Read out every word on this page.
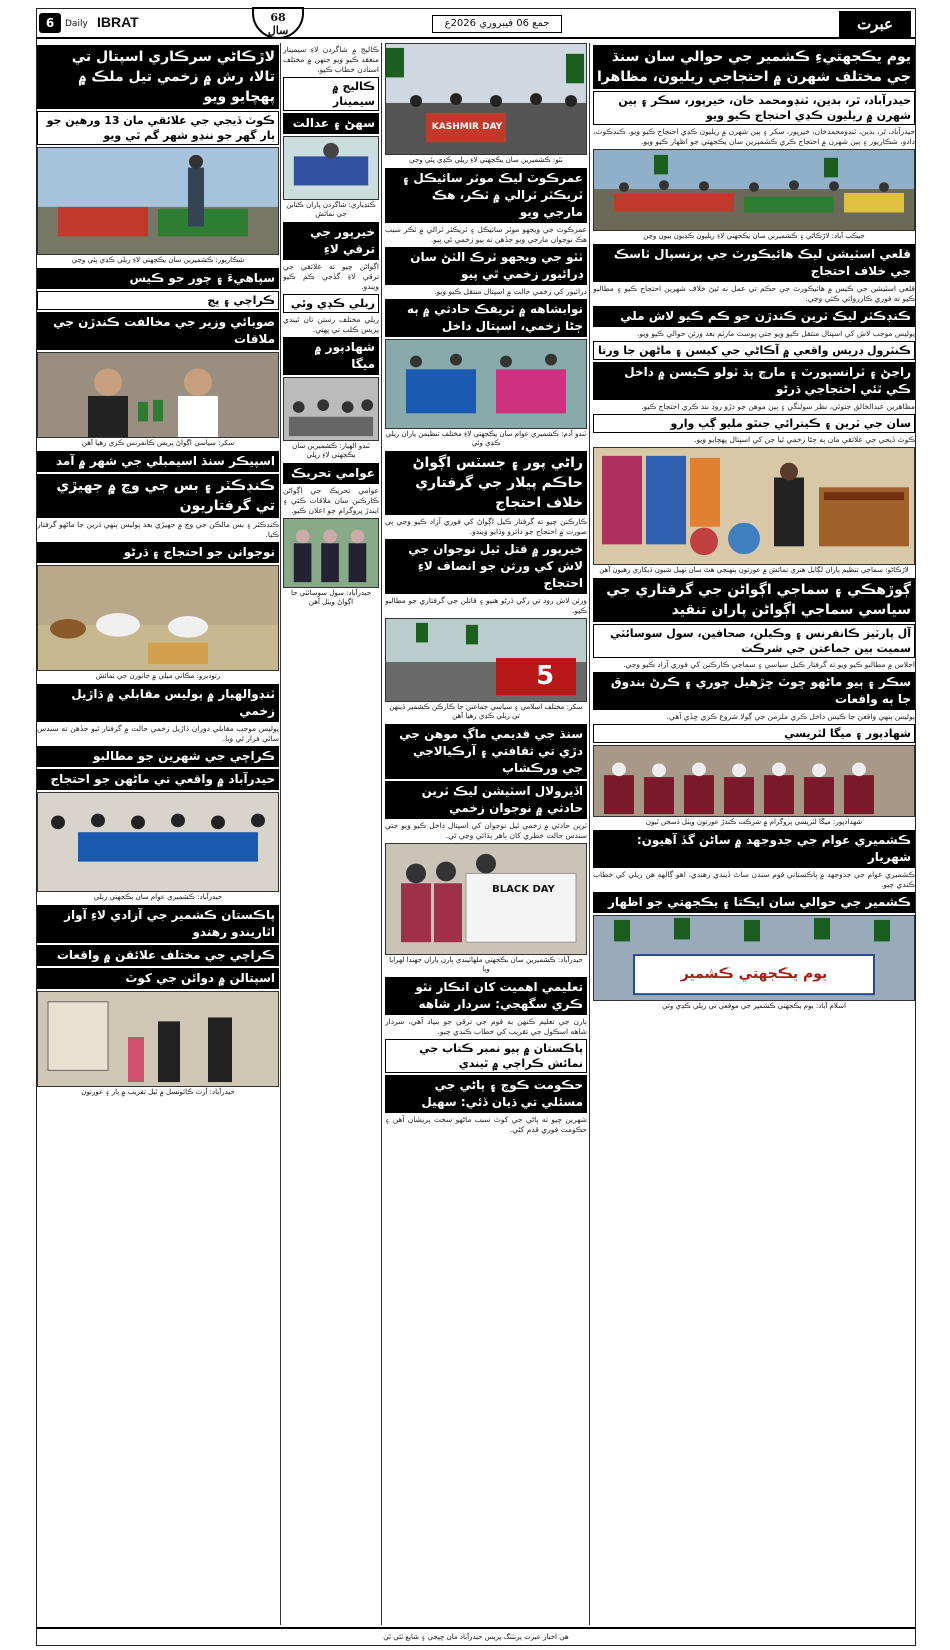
6	Daily IBRAT	68
سال
جمع 06 فيبروري 2026ع	عبرت
يوم يڪجهتيءِ ڪشمير جي حوالي سان سنڌ جي مختلف شهرن ۾ احتجاجي ريليون، مظاهرا
حيدرآباد، ٿر، بدين، ٽنڊومحمد خان، خيرپور، سڪر ۽ ٻين شهرن ۾ ريليون ڪڍي احتجاج ڪيو ويو
حيدرآباد، ٿر، بدين، ٽنڊومحمدخان، خيرپور، سکر ۽ ٻين شهرن ۾ ريليون ڪڍي احتجاج ڪيو ويو. ڪنڊڪوٽ، دادو، شڪارپور ۽ ٻين شهرن ۾ احتجاج ڪري ڪشميرين سان يڪجهتي جو اظهار ڪيو ويو.
جيڪب آباد: لاڙڪاڻي ۽ ڪشميرين سان يڪجهتي لاءِ ريليون ڪڍيون پيون وڃن
قلعي اسٽيشن ليڪ هائيڪورٽ جي پرنسپال ٽاسڪ جي خلاف احتجاج
قلعي اسٽيشن جي ڪيس ۾ هائيڪورٽ جي حڪم تي عمل نه ٿيڻ خلاف شهرين احتجاج ڪيو ۽ مطالبو ڪيو ته فوري ڪارروائي ڪئي وڃي.
ڪنڊڪٽر ليڪ ٽرين ڪندڙن جو ڪم ڪيو لاش ملي
پوليس موجب لاش کي اسپتال منتقل ڪيو ويو جتي پوسٽ مارٽم بعد ورثن حوالي ڪيو ويو.
ڪنٽرول ڊريس واقعي ۾ آڪاڻي جي کيسن ۽ ماڻهن جا ورتا
راڃڻ ۽ ٽرانسپورٽ ۽ مارچ ٻڌ ٽولو ڪيسن ۾ داخل ڪي ٿئي احتجاجي ڌرڻو
مظاهرين عبدالخالق جتوئي، نظر سولنگي ۽ ٻين موهن جو دڙو روڊ بند ڪري احتجاج ڪيو.
سان جي ٽرين ۽ ڪيترائي جنٿو مليو ڳڀ وارو
ڪوٽ ڏيجي جي علائقي مان ٻه ڄڻا زخمي ٿيا جن کي اسپتال پهچايو ويو.
لاڙڪاڻو: سماجي تنظيم پاران لڳايل هنري نمائش ۾ عورتون پنهنجي هٿ سان ٺهيل شيون ڏيکاري رهيون آهن
ڳوڙهڪي ۽ سماجي اڳواڻن جي گرفتاري جي سياسي سماجي اڳواڻن پاران تنقيد
آل پارٽيز ڪانفرنس ۽ وڪيلن، صحافين، سول سوسائٽي سميت ٻين جماعتن جي شرڪت
اجلاس ۾ مطالبو ڪيو ويو ته گرفتار ڪيل سياسي ۽ سماجي ڪارڪنن کي فوري آزاد ڪيو وڃي.
سڪر ۽ ٻيو ماڻهو ڇوٽ ڇڙهيل چوري ۽ ڪرڻ بندوق جا ٻه واقعات
پوليس ٻنهي واقعن جا ڪيس داخل ڪري ملزمن جي ڳولا شروع ڪري ڇڏي آهي.
شهادپور ۽ ميگا لٽريسي
شهدادپور: ميگا لٽريسي پروگرام ۾ شرڪت ڪندڙ عورتون ويٺل ڏسجن ٿيون
ڪشميري عوام جي جدوجهد ۾ ساڻن گڏ آهيون: شهريار
ڪشميري عوام جي جدوجهد ۾ پاڪستاني قوم سندن ساٿ ڏيندي رهندي، اهو ڳالهه هن ريلي کي خطاب ڪندي چيو.
ڪشمير جي حوالي سان ايڪتا ۽ يڪجهتي جو اظهار
يوم يڪجهتي ڪشمير
اسلام آباد: يوم يڪجهتي ڪشمير جي موقعي تي ريلي ڪڍي وئي
KASHMIR DAY
ٺٽو: ڪشميرين سان يڪجهتي لاءِ ريلي ڪڍي پئي وڃي
عمرڪوٽ ليڪ موٽر سائيڪل ۽ ٽريڪٽر ٽرالي ۾ ٽڪر، هڪ مارجي ويو
عمرڪوٽ جي ويجهو موٽر سائيڪل ۽ ٽريڪٽر ٽرالي ۾ ٽڪر سبب هڪ نوجوان مارجي ويو جڏهن ته ٻيو زخمي ٿي پيو.
ٺٽو جي ويجهو ٽرڪ الٽڻ سان ڊرائيور زخمي ٿي پيو
ڊرائيور کي زخمي حالت ۾ اسپتال منتقل ڪيو ويو.
نوابشاهه ۾ ٽريفڪ حادثي ۾ ٻه ڄڻا زخمي، اسپتال داخل
ٽنڊو آدم: ڪشميري عوام سان يڪجهتي لاءِ مختلف تنظيمن پاران ريلي ڪڍي وئي
راڻي پور ۽ جسٽس اڳواڻ حاڪم پيلار جي گرفتاري خلاف احتجاج
ڪارڪنن چيو ته گرفتار ڪيل اڳواڻ کي فوري آزاد ڪيو وڃي ٻي صورت ۾ احتجاج جو دائرو وڌايو ويندو.
خيرپور ۾ قتل ٿيل نوجوان جي لاش کي ورثن جو انصاف لاءِ احتجاج
ورثن لاش روڊ تي رکي ڌرڻو هنيو ۽ قاتلن جي گرفتاري جو مطالبو ڪيو.
5
سکر: مختلف اسلامي ۽ سياسي جماعتن جا ڪارڪن ڪشمير ڏينهن تي ريلي ڪڍي رهيا آهن
سنڌ جي قديمي ماڳ موهن جي دڙي تي ثقافتي ۽ آرڪيالاجي جي ورڪشاپ
اڏيرولال اسٽيشن ليڪ ٽرين حادثي ۾ نوجوان زخمي
ٽرين حادثي ۾ زخمي ٿيل نوجوان کي اسپتال داخل ڪيو ويو جتي سندس حالت خطري کان ٻاهر ٻڌائي وڃي ٿي.
BLACK DAY
حيدرآباد: ڪشميرين سان يڪجهتي ملهائيندي ٻارن پاران جهنڊا لهرايا ويا
تعليمي اهميت کان انڪار نٿو ڪري سگهجي: سردار شاهه
ٻارن جي تعليم ڪنهن به قوم جي ترقي جو بنياد آهي، سردار شاهه اسڪول جي تقريب کي خطاب ڪندي چيو.
پاڪستان ۾ ٻيو نمبر ڪتاب جي نمائش ڪراچي ۾ ٿيندي
حڪومت ڪوچ ۽ پاڻي جي مسئلي تي ڌيان ڏئي: سهيل
شهرين چيو ته پاڻي جي کوٽ سبب ماڻهو سخت پريشان آهن ۽ حڪومت فوري قدم کڻي.
ڪاليج ۾ شاگردن لاءِ سيمينار منعقد ڪيو ويو جنهن ۾ مختلف استادن خطاب ڪيو.
ڪاليج ۾ سيمينار
سهڻ ۽ عدالت
ڪنڊياري: شاگردن پاران ڪتابن جي نمائش
خيرپور جي ترقي لاءِ
اڳواڻن چيو ته علائقي جي ترقي لاءِ گڏجي ڪم ڪيو ويندو.
ريلي ڪڍي وئي
ريلي مختلف رستن تان ٿيندي پريس ڪلب تي پهتي.
شهادپور ۾ ميگا
ٽنڊو الهيار: ڪشميرين سان يڪجهتي لاءِ ريلي
عوامي تحريڪ
عوامي تحريڪ جي اڳواڻن ڪارڪنن سان ملاقات ڪئي ۽ ايندڙ پروگرام جو اعلان ڪيو.
حيدرآباد: سول سوسائٽي جا اڳواڻ ويٺل آهن
لاڙڪاڻي سرڪاري اسپتال تي تالا، رش ۾ زخمي تيل ملڪ ۾ پهچايو ويو
ڪوٽ ڏيجي جي علائقي مان 13 ورهين جو ٻار گهر جو ننڍو شهر گم ٿي ويو
شڪارپور: ڪشميرين سان يڪجهتي لاءِ ريلي ڪڍي پئي وڃي
سپاهيءَ ۽ چور جو ڪيس
ڪراچي ۽ ڀڄ
صوبائي وزير جي مخالفت ڪندڙن جي ملاقات
سکر: سياسي اڳواڻ پريس ڪانفرنس ڪري رهيا آهن
اسپيڪر سنڌ اسيمبلي جي شهر ۾ آمد
ڪنڊڪٽر ۽ بس جي وچ ۾ جهيڙي تي گرفتاريون
ڪنڊڪٽر ۽ بس مالڪن جي وچ ۾ جهيڙي بعد پوليس ٻنهي ڌرين جا ماڻهو گرفتار ڪيا.
نوجوانن جو احتجاج ۽ ڌرڻو
رتوديرو: مڪاني ميلي ۾ جانورن جي نمائش
ٽنڊوالهيار ۾ پوليس مقابلي ۾ ڌاڙيل زخمي
پوليس موجب مقابلي دوران ڌاڙيل زخمي حالت ۾ گرفتار ٿيو جڏهن ته سندس ساٿي فرار ٿي ويا.
ڪراچي جي شهرين جو مطالبو
حيدرآباد ۾ واقعي تي ماڻهن جو احتجاج
حيدرآباد: ڪشميري عوام سان يڪجهتي ريلي
پاڪستان ڪشمير جي آزادي لاءِ آواز اٿاريندو رهندو
ڪراچي جي مختلف علائقن ۾ واقعات
اسپتالن ۾ دوائن جي کوٽ
حيدرآباد: آرٽ ڪائونسل ۾ ٿيل تقريب ۾ ٻار ۽ عورتون
هي اخبار عبرت پرنٽنگ پريس حيدرآباد مان ڇپجي ۽ شايع ٿئي ٿي
